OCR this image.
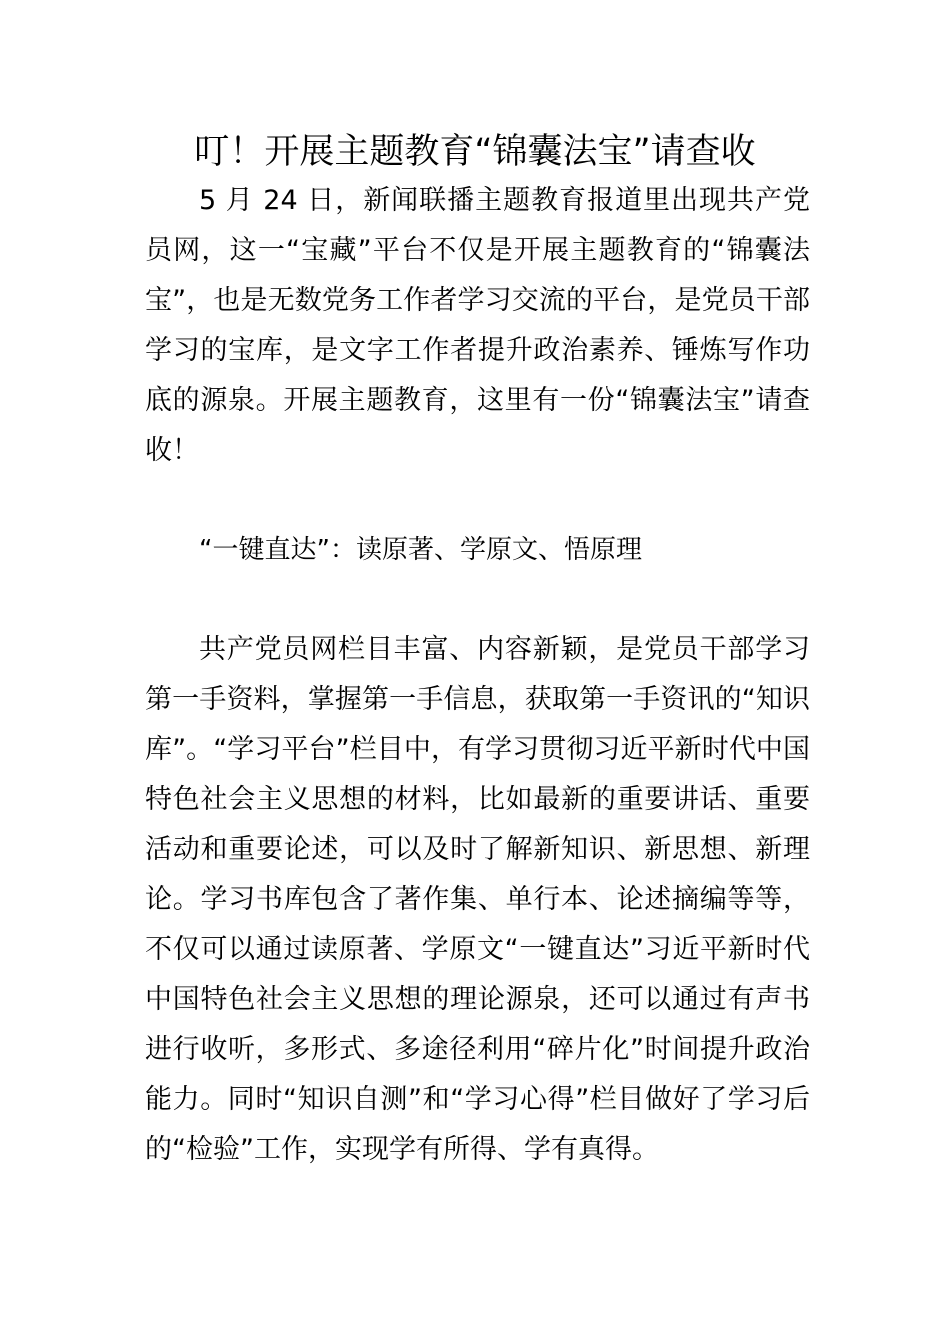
叮！开展主题教育“锦囊法宝”请查收

5 月 24 日，新闻联播主题教育报道里出现共产党员网，这一“宝藏”平台不仅是开展主题教育的“锦囊法宝”，也是无数党务工作者学习交流的平台，是党员干部学习的宝库，是文字工作者提升政治素养、锤炼写作功底的源泉。开展主题教育，这里有一份“锦囊法宝”请查收！

“一键直达”：读原著、学原文、悟原理

共产党员网栏目丰富、内容新颖，是党员干部学习第一手资料，掌握第一手信息，获取第一手资讯的“知识库”。“学习平台”栏目中，有学习贯彻习近平新时代中国特色社会主义思想的材料，比如最新的重要讲话、重要活动和重要论述，可以及时了解新知识、新思想、新理论。学习书库包含了著作集、单行本、论述摘编等等，不仅可以通过读原著、学原文“一键直达”习近平新时代中国特色社会主义思想的理论源泉，还可以通过有声书进行收听，多形式、多途径利用“碎片化”时间提升政治能力。同时“知识自测”和“学习心得”栏目做好了学习后的“检验”工作，实现学有所得、学有真得。
